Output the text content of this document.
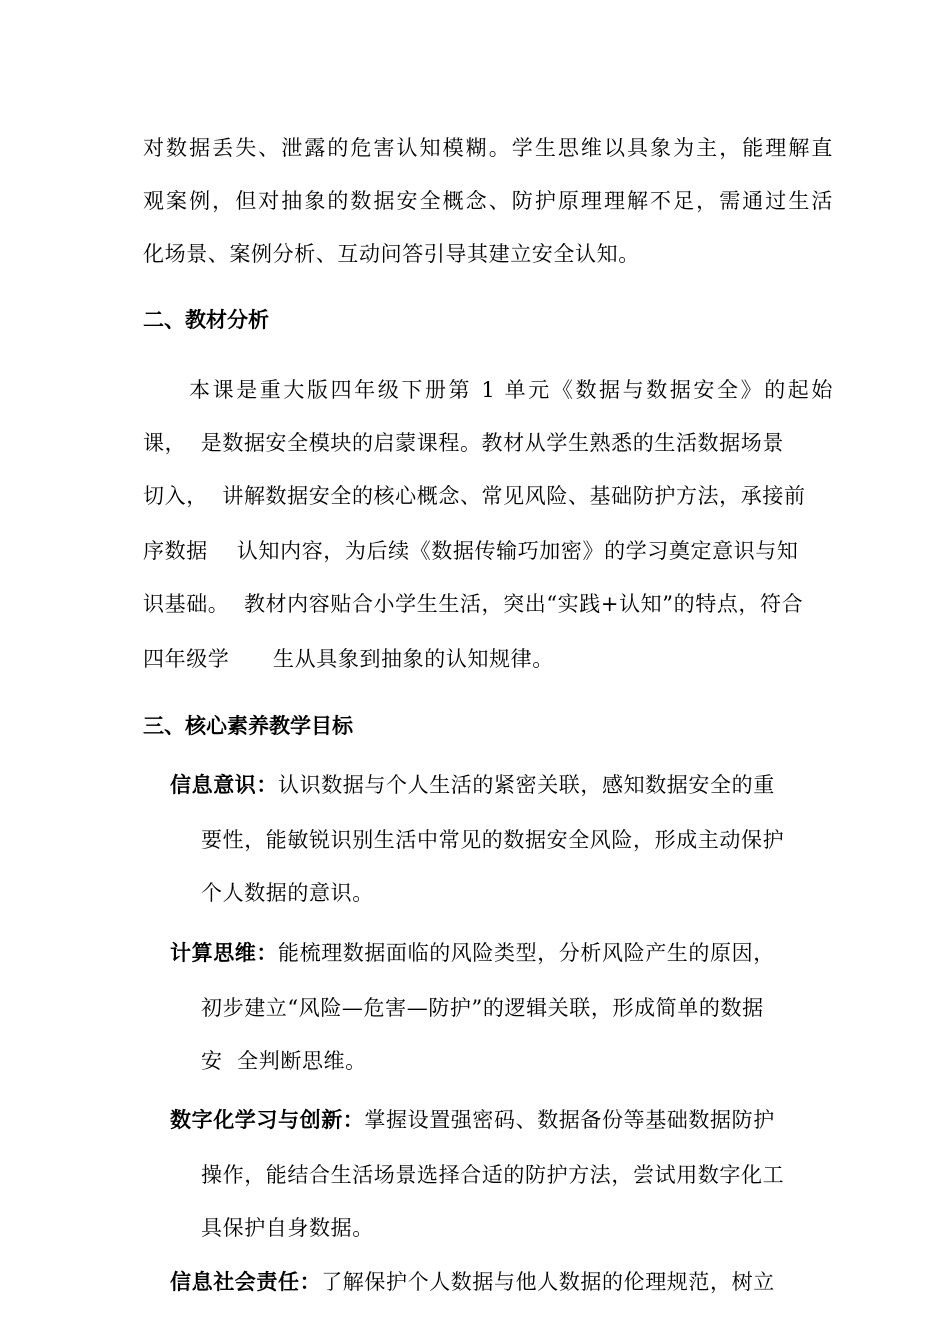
对数据丢失、泄露的危害认知模糊。学生思维以具象为主，能理解直
观案例，但对抽象的数据安全概念、防护原理理解不足，需通过生活
化场景、案例分析、互动问答引导其建立安全认知。
二、教材分析
本课是重大版四年级下册第 1 单元《数据与数据安全》的起始
课，  是数据安全模块的启蒙课程。教材从学生熟悉的生活数据场景
切入，  讲解数据安全的核心概念、常见风险、基础防护方法，承接前
序数据    认知内容，为后续《数据传输巧加密》的学习奠定意识与知
识基础。  教材内容贴合小学生生活，突出“实践+认知”的特点，符合
四年级学      生从具象到抽象的认知规律。
三、核心素养教学目标
信息意识：认识数据与个人生活的紧密关联，感知数据安全的重
要性，能敏锐识别生活中常见的数据安全风险，形成主动保护
个人数据的意识。
计算思维：能梳理数据面临的风险类型，分析风险产生的原因，
初步建立“风险—危害—防护”的逻辑关联，形成简单的数据
安  全判断思维。
数字化学习与创新：掌握设置强密码、数据备份等基础数据防护
操作，能结合生活场景选择合适的防护方法，尝试用数字化工
具保护自身数据。
信息社会责任：了解保护个人数据与他人数据的伦理规范，树立
